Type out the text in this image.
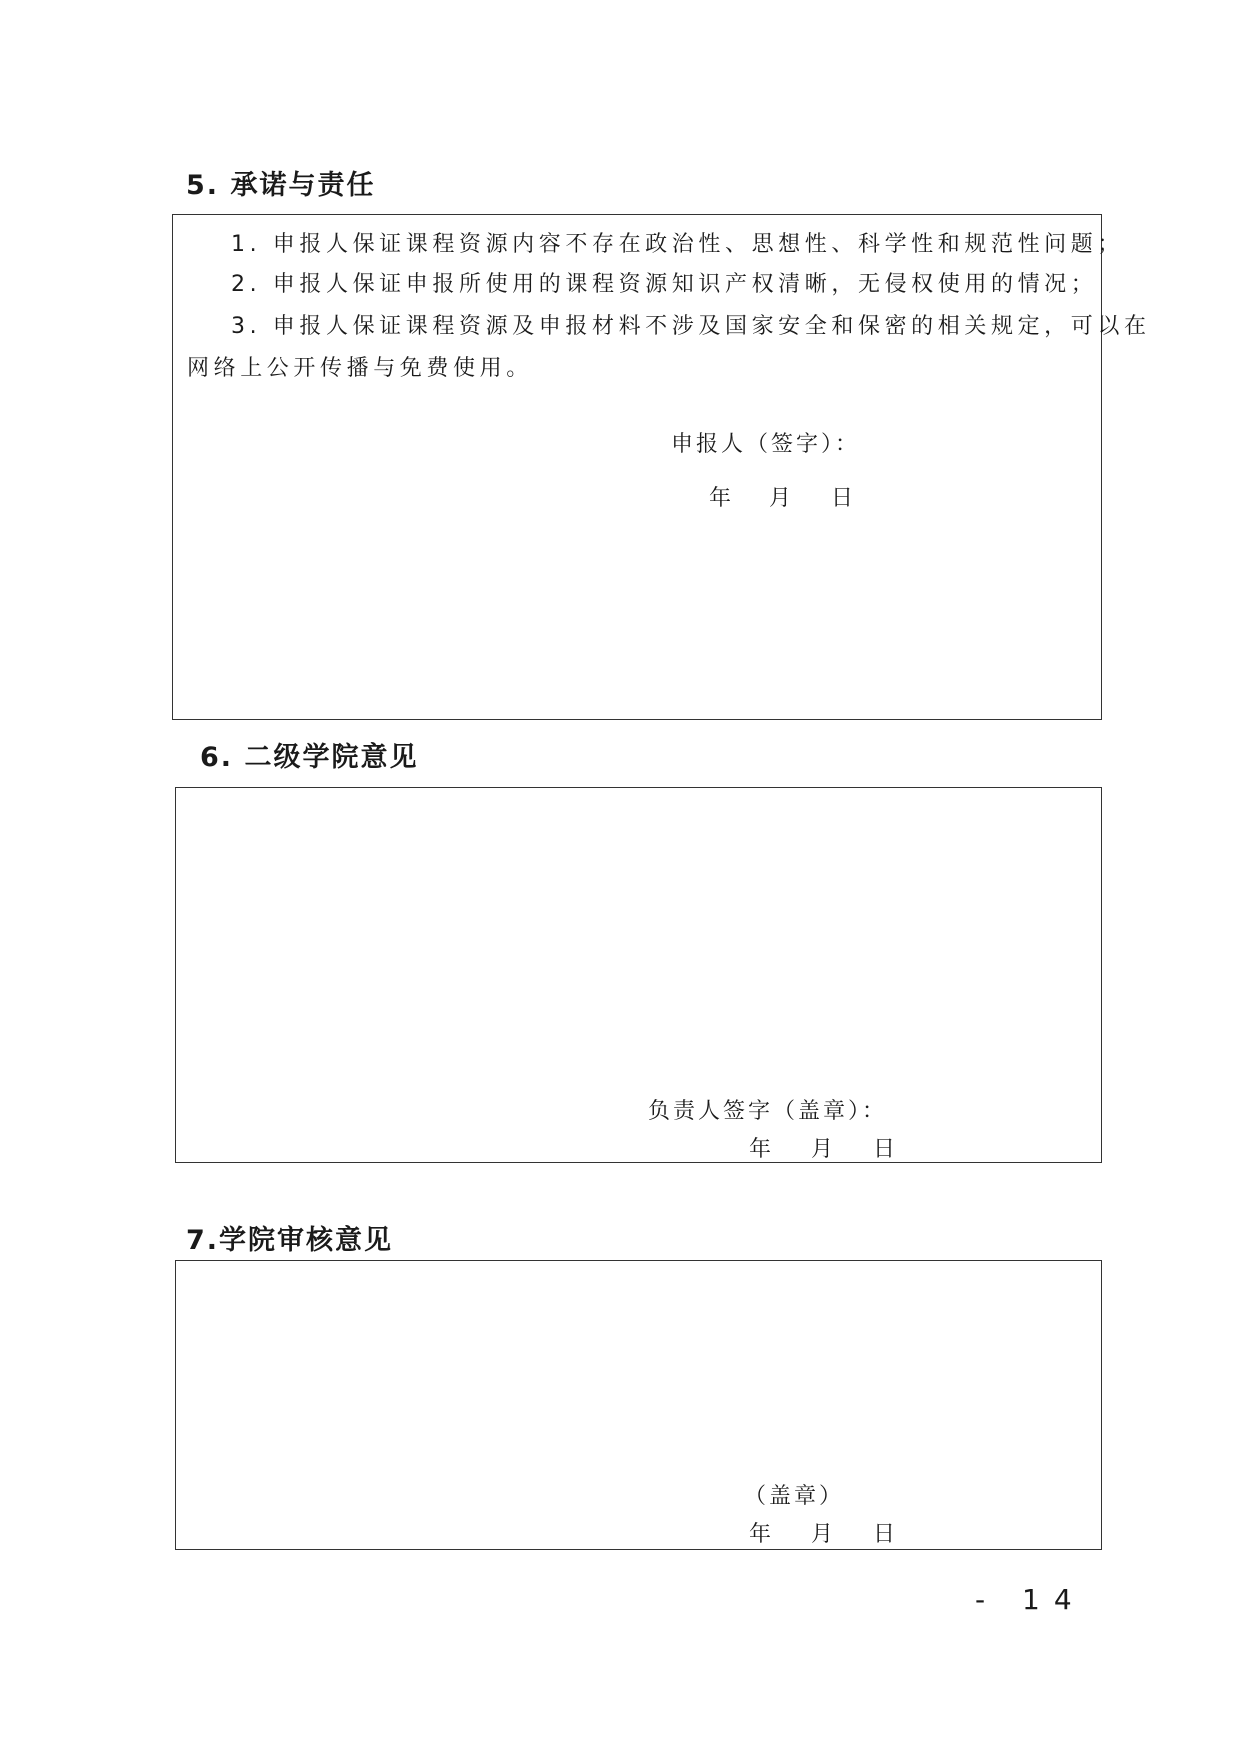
5. 承诺与责任
1. 申报人保证课程资源内容不存在政治性、思想性、科学性和规范性问题；
2. 申报人保证申报所使用的课程资源知识产权清晰，无侵权使用的情况；
3. 申报人保证课程资源及申报材料不涉及国家安全和保密的相关规定，可以在
网络上公开传播与免费使用。
申报人（签字）：
年 月 日
6. 二级学院意见
负责人签字（盖章）：
年 月 日
7.学院审核意见
（盖章）
年 月 日
- 14
